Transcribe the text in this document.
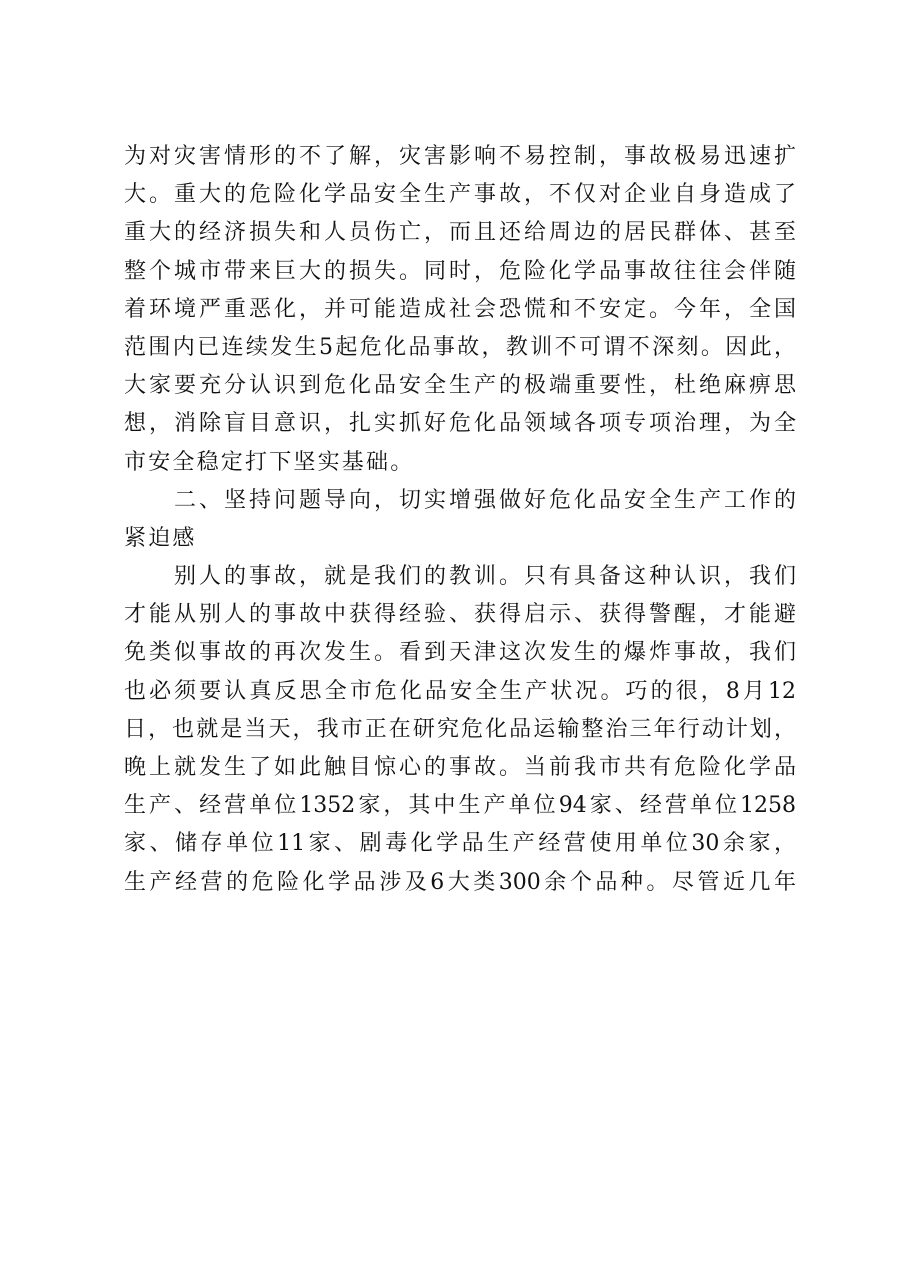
为对灾害情形的不了解，灾害影响不易控制，事故极易迅速扩
大。重大的危险化学品安全生产事故，不仅对企业自身造成了
重大的经济损失和人员伤亡，而且还给周边的居民群体、甚至
整个城市带来巨大的损失。同时，危险化学品事故往往会伴随
着环境严重恶化，并可能造成社会恐慌和不安定。今年，全国
范围内已连续发生5起危化品事故，教训不可谓不深刻。因此，
大家要充分认识到危化品安全生产的极端重要性，杜绝麻痹思
想，消除盲目意识，扎实抓好危化品领域各项专项治理，为全
市安全稳定打下坚实基础。
　　二、坚持问题导向，切实增强做好危化品安全生产工作的
紧迫感
　　别人的事故，就是我们的教训。只有具备这种认识，我们
才能从别人的事故中获得经验、获得启示、获得警醒，才能避
免类似事故的再次发生。看到天津这次发生的爆炸事故，我们
也必须要认真反思全市危化品安全生产状况。巧的很，8月12
日，也就是当天，我市正在研究危化品运输整治三年行动计划，
晚上就发生了如此触目惊心的事故。当前我市共有危险化学品
生产、经营单位1352家，其中生产单位94家、经营单位1258
家、储存单位11家、剧毒化学品生产经营使用单位30余家，
生产经营的危险化学品涉及6大类300余个品种。尽管近几年
